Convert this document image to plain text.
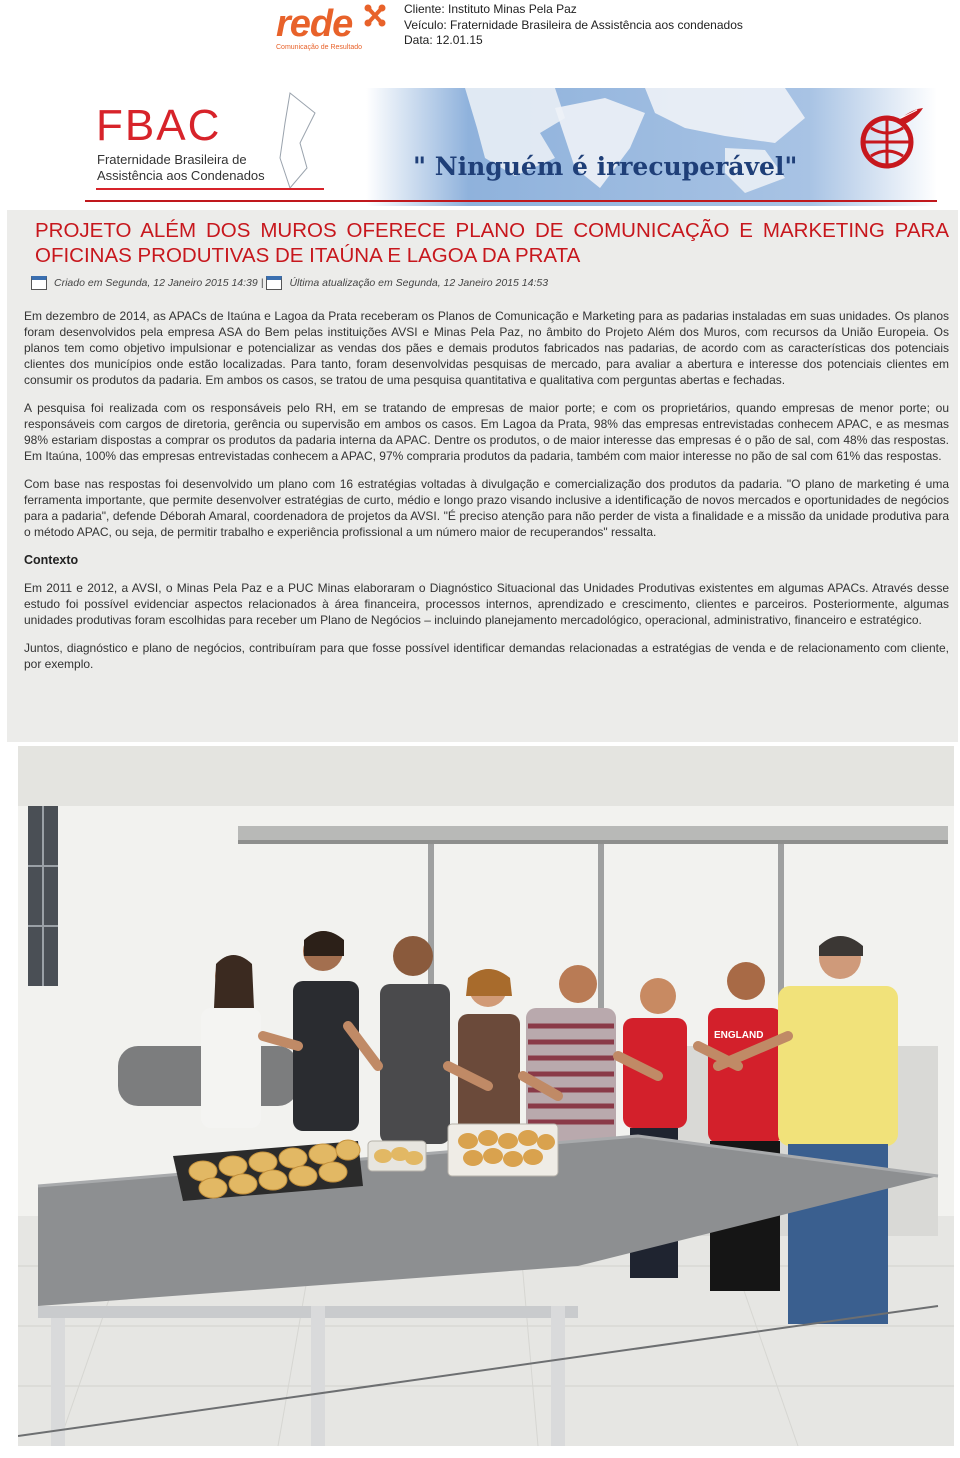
rede
Comunicação de Resultado
Cliente: Instituto Minas Pela Paz
Veículo: Fraternidade Brasileira de Assistência aos condenados
Data: 12.01.15
FBAC
Fraternidade Brasileira de
Assistência aos Condenados	" Ninguém é irrecuperável"
PROJETO ALÉM DOS MUROS OFERECE PLANO DE COMUNICAÇÃO E MARKETING PARA OFICINAS PRODUTIVAS DE ITAÚNA E LAGOA DA PRATA
Criado em Segunda, 12 Janeiro 2015 14:39 | Última atualização em Segunda, 12 Janeiro 2015 14:53

Em dezembro de 2014, as APACs de Itaúna e Lagoa da Prata receberam os Planos de Comunicação e Marketing para as padarias instaladas em suas unidades. Os planos foram desenvolvidos pela empresa ASA do Bem pelas instituições AVSI e Minas Pela Paz, no âmbito do Projeto Além dos Muros, com recursos da União Europeia. Os planos tem como objetivo impulsionar e potencializar as vendas dos pães e demais produtos fabricados nas padarias, de acordo com as características dos potenciais clientes dos municípios onde estão localizadas. Para tanto, foram desenvolvidas pesquisas de mercado, para avaliar a abertura e interesse dos potenciais clientes em consumir os produtos da padaria. Em ambos os casos, se tratou de uma pesquisa quantitativa e qualitativa com perguntas abertas e fechadas.

A pesquisa foi realizada com os responsáveis pelo RH, em se tratando de empresas de maior porte; e com os proprietários, quando empresas de menor porte; ou responsáveis com cargos de diretoria, gerência ou supervisão em ambos os casos. Em Lagoa da Prata, 98% das empresas entrevistadas conhecem APAC, e as mesmas 98% estariam dispostas a comprar os produtos da padaria interna da APAC. Dentre os produtos, o de maior interesse das empresas é o pão de sal, com 48% das respostas. Em Itaúna, 100% das empresas entrevistadas conhecem a APAC, 97% compraria produtos da padaria, também com maior interesse no pão de sal com 61% das respostas.

Com base nas respostas foi desenvolvido um plano com 16 estratégias voltadas à divulgação e comercialização dos produtos da padaria. "O plano de marketing é uma ferramenta importante, que permite desenvolver estratégias de curto, médio e longo prazo visando inclusive a identificação de novos mercados e oportunidades de negócios para a padaria", defende Déborah Amaral, coordenadora de projetos da AVSI. "É preciso atenção para não perder de vista a finalidade e a missão da unidade produtiva para o método APAC, ou seja, de permitir trabalho e experiência profissional a um número maior de recuperandos" ressalta.

Contexto

Em 2011 e 2012, a AVSI, o Minas Pela Paz e a PUC Minas elaboraram o Diagnóstico Situacional das Unidades Produtivas existentes em algumas APACs. Através desse estudo foi possível evidenciar aspectos relacionados à área financeira, processos internos, aprendizado e crescimento, clientes e parceiros. Posteriormente, algumas unidades produtivas foram escolhidas para receber um Plano de Negócios – incluindo planejamento mercadológico, operacional, administrativo, financeiro e estratégico.

Juntos, diagnóstico e plano de negócios, contribuíram para que fosse possível identificar demandas relacionadas a estratégias de venda e de relacionamento com cliente, por exemplo.

ENGLAND
